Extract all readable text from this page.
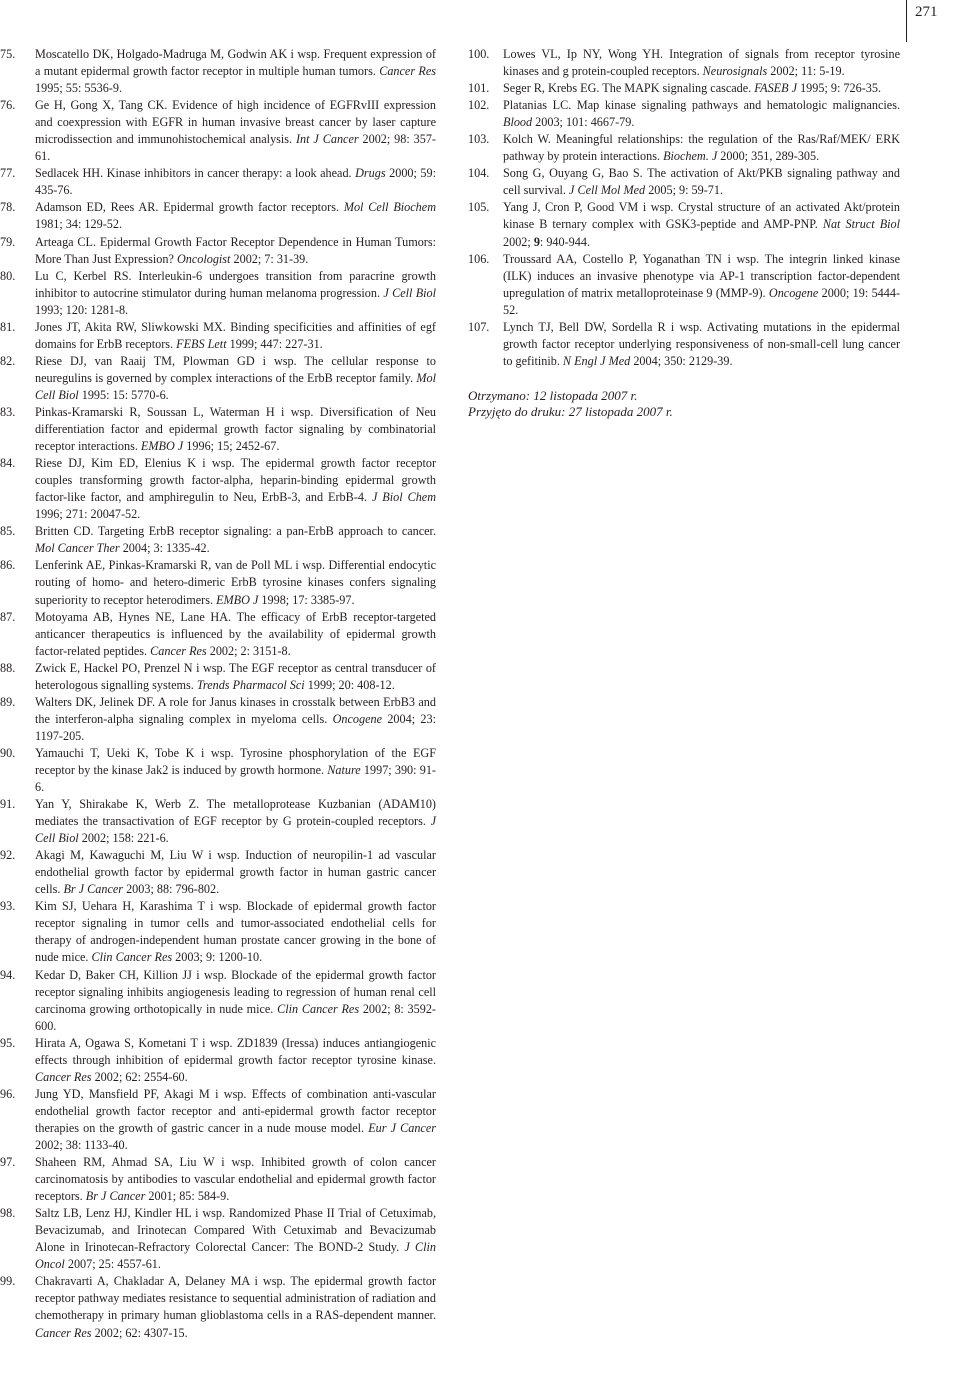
271

75. Moscatello DK, Holgado-Madruga M, Godwin AK i wsp. Frequent expression of a mutant epidermal growth factor receptor in multiple human tumors. Cancer Res 1995; 55: 5536-9.

76. Ge H, Gong X, Tang CK. Evidence of high incidence of EGFRvIII expression and coexpression with EGFR in human invasive breast cancer by laser capture microdissection and immunohistochemical analysis. Int J Cancer 2002; 98: 357-61.

77. Sedlacek HH. Kinase inhibitors in cancer therapy: a look ahead. Drugs 2000; 59: 435-76.

78. Adamson ED, Rees AR. Epidermal growth factor receptors. Mol Cell Biochem 1981; 34: 129-52.

79. Arteaga CL. Epidermal Growth Factor Receptor Dependence in Human Tumors: More Than Just Expression? Oncologist 2002; 7: 31-39.

80. Lu C, Kerbel RS. Interleukin-6 undergoes transition from paracrine growth inhibitor to autocrine stimulator during human melanoma progression. J Cell Biol 1993; 120: 1281-8.

81. Jones JT, Akita RW, Sliwkowski MX. Binding specificities and affinities of egf domains for ErbB receptors. FEBS Lett 1999; 447: 227-31.

82. Riese DJ, van Raaij TM, Plowman GD i wsp. The cellular response to neuregulins is governed by complex interactions of the ErbB receptor family. Mol Cell Biol 1995: 15: 5770-6.

83. Pinkas-Kramarski R, Soussan L, Waterman H i wsp. Diversification of Neu differentiation factor and epidermal growth factor signaling by combinatorial receptor interactions. EMBO J 1996; 15; 2452-67.

84. Riese DJ, Kim ED, Elenius K i wsp. The epidermal growth factor receptor couples transforming growth factor-alpha, heparin-binding epidermal growth factor-like factor, and amphiregulin to Neu, ErbB-3, and ErbB-4. J Biol Chem 1996; 271: 20047-52.

85. Britten CD. Targeting ErbB receptor signaling: a pan-ErbB approach to cancer. Mol Cancer Ther 2004; 3: 1335-42.

86. Lenferink AE, Pinkas-Kramarski R, van de Poll ML i wsp. Differential endocytic routing of homo- and hetero-dimeric ErbB tyrosine kinases confers signaling superiority to receptor heterodimers. EMBO J 1998; 17: 3385-97.

87. Motoyama AB, Hynes NE, Lane HA. The efficacy of ErbB receptor-targeted anticancer therapeutics is influenced by the availability of epidermal growth factor-related peptides. Cancer Res 2002; 2: 3151-8.

88. Zwick E, Hackel PO, Prenzel N i wsp. The EGF receptor as central transducer of heterologous signalling systems. Trends Pharmacol Sci 1999; 20: 408-12.

89. Walters DK, Jelinek DF. A role for Janus kinases in crosstalk between ErbB3 and the interferon-alpha signaling complex in myeloma cells. Oncogene 2004; 23: 1197-205.

90. Yamauchi T, Ueki K, Tobe K i wsp. Tyrosine phosphorylation of the EGF receptor by the kinase Jak2 is induced by growth hormone. Nature 1997; 390: 91-6.

91. Yan Y, Shirakabe K, Werb Z. The metalloprotease Kuzbanian (ADAM10) mediates the transactivation of EGF receptor by G protein-coupled receptors. J Cell Biol 2002; 158: 221-6.

92. Akagi M, Kawaguchi M, Liu W i wsp. Induction of neuropilin-1 ad vascular endothelial growth factor by epidermal growth factor in human gastric cancer cells. Br J Cancer 2003; 88: 796-802.

93. Kim SJ, Uehara H, Karashima T i wsp. Blockade of epidermal growth factor receptor signaling in tumor cells and tumor-associated endothelial cells for therapy of androgen-independent human prostate cancer growing in the bone of nude mice. Clin Cancer Res 2003; 9: 1200-10.

94. Kedar D, Baker CH, Killion JJ i wsp. Blockade of the epidermal growth factor receptor signaling inhibits angiogenesis leading to regression of human renal cell carcinoma growing orthotopically in nude mice. Clin Cancer Res 2002; 8: 3592-600.

95. Hirata A, Ogawa S, Kometani T i wsp. ZD1839 (Iressa) induces antiangiogenic effects through inhibition of epidermal growth factor receptor tyrosine kinase. Cancer Res 2002; 62: 2554-60.

96. Jung YD, Mansfield PF, Akagi M i wsp. Effects of combination anti-vascular endothelial growth factor receptor and anti-epidermal growth factor receptor therapies on the growth of gastric cancer in a nude mouse model. Eur J Cancer 2002; 38: 1133-40.

97. Shaheen RM, Ahmad SA, Liu W i wsp. Inhibited growth of colon cancer carcinomatosis by antibodies to vascular endothelial and epidermal growth factor receptors. Br J Cancer 2001; 85: 584-9.

98. Saltz LB, Lenz HJ, Kindler HL i wsp. Randomized Phase II Trial of Cetuximab, Bevacizumab, and Irinotecan Compared With Cetuximab and Bevacizumab Alone in Irinotecan-Refractory Colorectal Cancer: The BOND-2 Study. J Clin Oncol 2007; 25: 4557-61.

99. Chakravarti A, Chakladar A, Delaney MA i wsp. The epidermal growth factor receptor pathway mediates resistance to sequential administration of radiation and chemotherapy in primary human glioblastoma cells in a RAS-dependent manner. Cancer Res 2002; 62: 4307-15.

100. Lowes VL, Ip NY, Wong YH. Integration of signals from receptor tyrosine kinases and g protein-coupled receptors. Neurosignals 2002; 11: 5-19.

101. Seger R, Krebs EG. The MAPK signaling cascade. FASEB J 1995; 9: 726-35.

102. Platanias LC. Map kinase signaling pathways and hematologic malignancies. Blood 2003; 101: 4667-79.

103. Kolch W. Meaningful relationships: the regulation of the Ras/Raf/MEK/ ERK pathway by protein interactions. Biochem. J 2000; 351, 289-305.

104. Song G, Ouyang G, Bao S. The activation of Akt/PKB signaling pathway and cell survival. J Cell Mol Med 2005; 9: 59-71.

105. Yang J, Cron P, Good VM i wsp. Crystal structure of an activated Akt/protein kinase B ternary complex with GSK3-peptide and AMP-PNP. Nat Struct Biol 2002; 9: 940-944.

106. Troussard AA, Costello P, Yoganathan TN i wsp. The integrin linked kinase (ILK) induces an invasive phenotype via AP-1 transcription factor-dependent upregulation of matrix metalloproteinase 9 (MMP-9). Oncogene 2000; 19: 5444-52.

107. Lynch TJ, Bell DW, Sordella R i wsp. Activating mutations in the epidermal growth factor receptor underlying responsiveness of non-small-cell lung cancer to gefitinib. N Engl J Med 2004; 350: 2129-39.

Otrzymano: 12 listopada 2007 r.
Przyjęto do druku: 27 listopada 2007 r.
